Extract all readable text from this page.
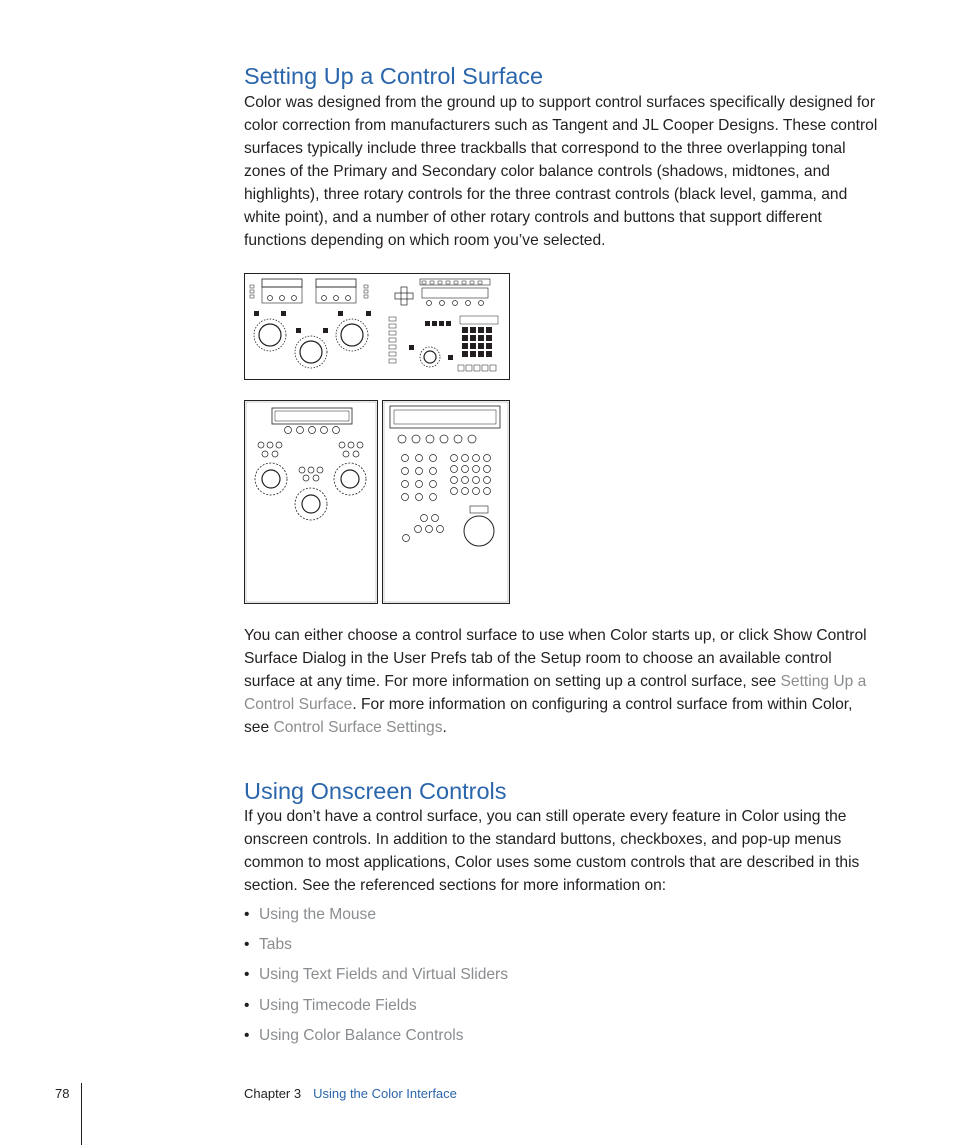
Setting Up a Control Surface

Color was designed from the ground up to support control surfaces specifically designed for color correction from manufacturers such as Tangent and JL Cooper Designs. These control surfaces typically include three trackballs that correspond to the three overlapping tonal zones of the Primary and Secondary color balance controls (shadows, midtones, and highlights), three rotary controls for the three contrast controls (black level, gamma, and white point), and a number of other rotary controls and buttons that support different functions depending on which room you’ve selected.

You can either choose a control surface to use when Color starts up, or click Show Control Surface Dialog in the User Prefs tab of the Setup room to choose an available control surface at any time. For more information on setting up a control surface, see Setting Up a Control Surface. For more information on configuring a control surface from within Color, see Control Surface Settings.

Using Onscreen Controls

If you don’t have a control surface, you can still operate every feature in Color using the onscreen controls. In addition to the standard buttons, checkboxes, and pop-up menus common to most applications, Color uses some custom controls that are described in this section. See the referenced sections for more information on:

• Using the Mouse
• Tabs
• Using Text Fields and Virtual Sliders
• Using Timecode Fields
• Using Color Balance Controls
78	Chapter 3 Using the Color Interface
